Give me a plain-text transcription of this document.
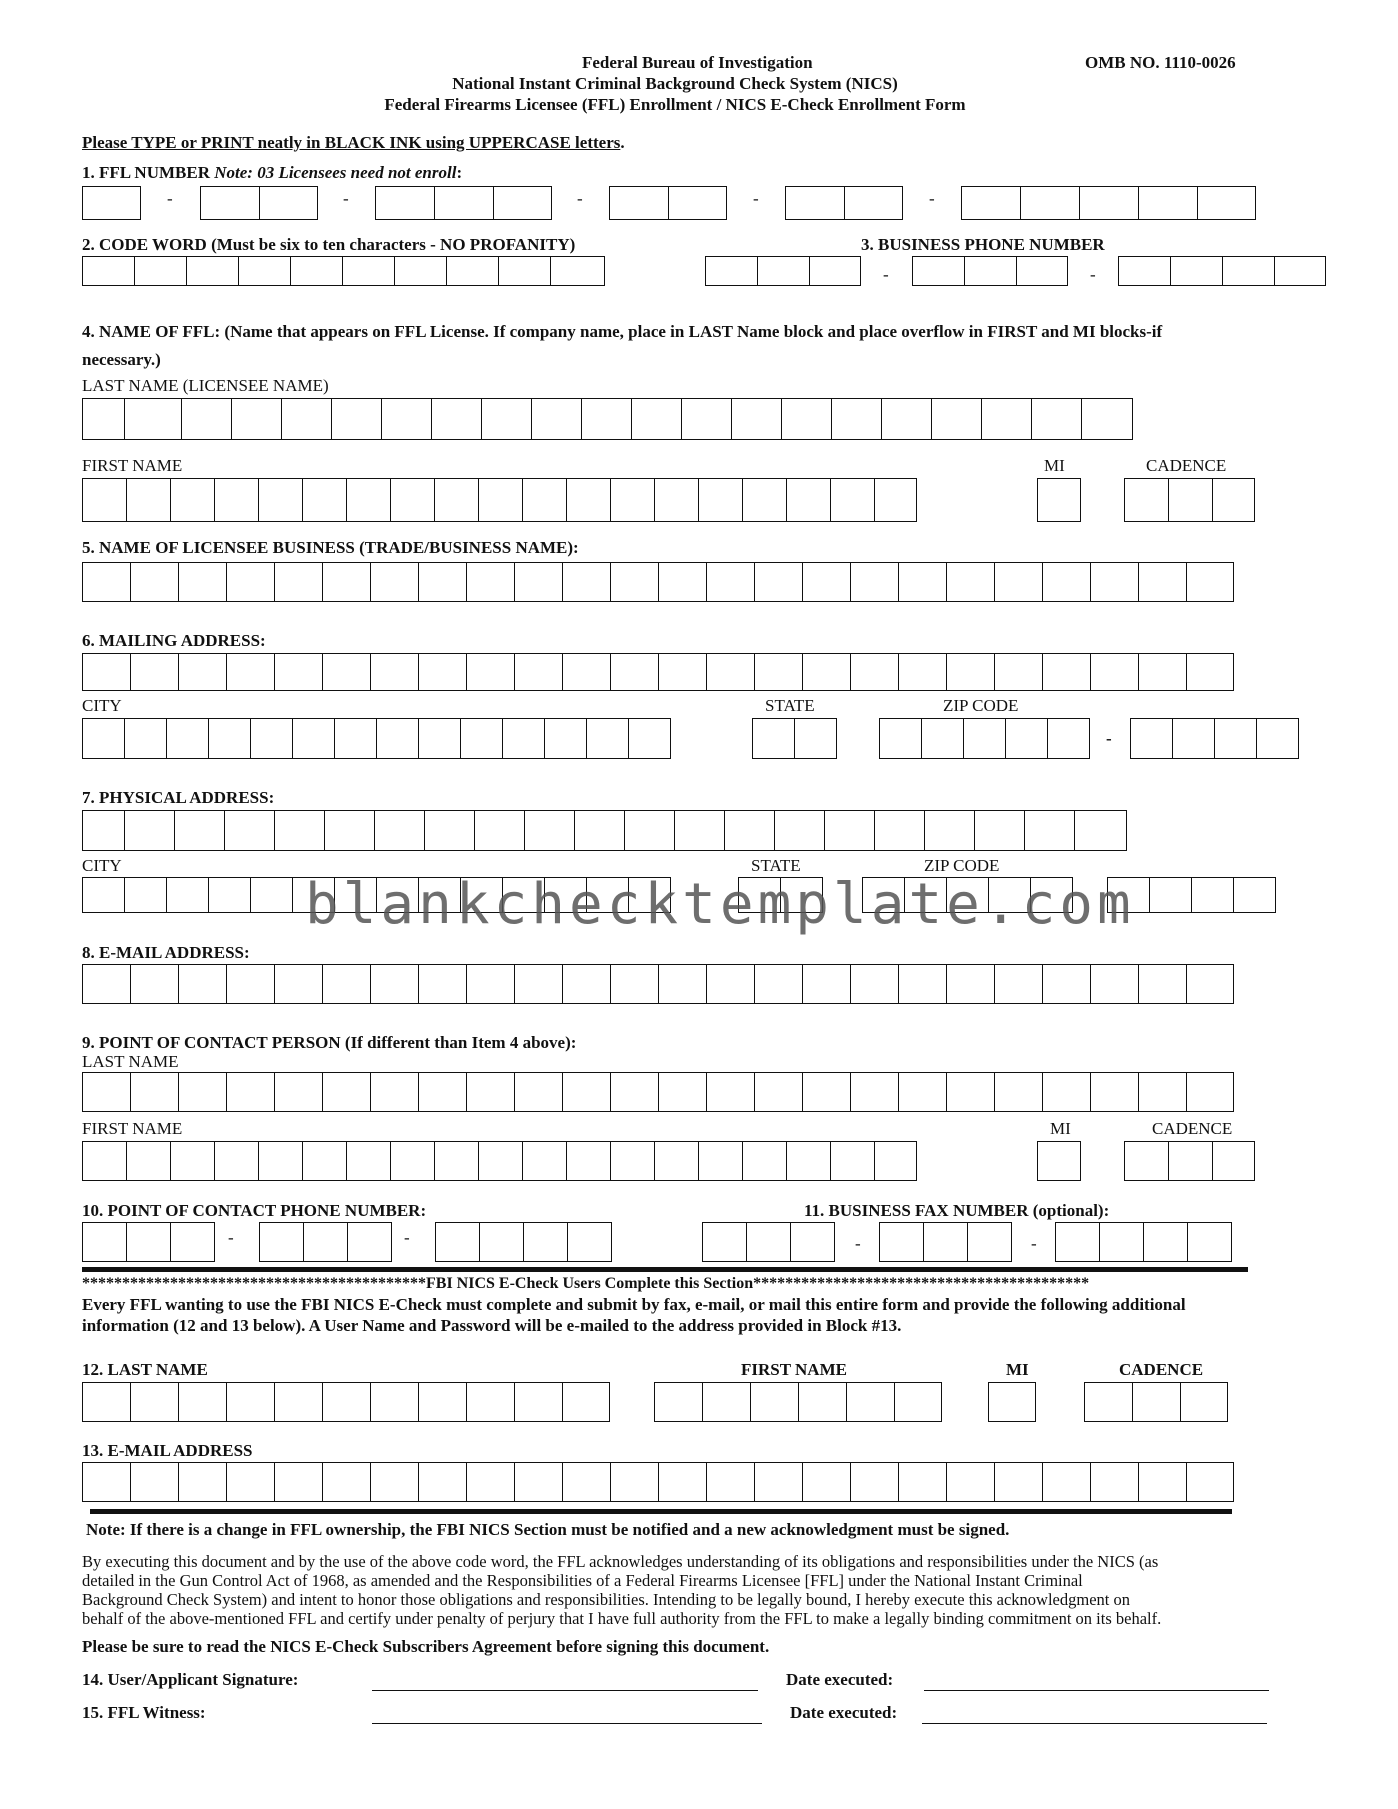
Federal Bureau of Investigation	OMB NO. 1110-0026
National Instant Criminal Background Check System (NICS)
Federal Firearms Licensee (FFL) Enrollment / NICS E-Check Enrollment Form
Please TYPE or PRINT neatly in BLACK INK using UPPERCASE letters.
1. FFL NUMBER Note: 03 Licensees need not enroll:
-	-	-	-	-
2. CODE WORD (Must be six to ten characters - NO PROFANITY)	3. BUSINESS PHONE NUMBER
-	-
4. NAME OF FFL: (Name that appears on FFL License. If company name, place in LAST Name block and place overflow in FIRST and MI blocks-if
necessary.)
LAST NAME (LICENSEE NAME)
FIRST NAME	MI	CADENCE
5. NAME OF LICENSEE BUSINESS (TRADE/BUSINESS NAME):
6. MAILING ADDRESS:
CITY	STATE	ZIP CODE
-
7. PHYSICAL ADDRESS:
CITY	STATE	ZIP CODE
blankchecktemplate.com
8. E-MAIL ADDRESS:
9. POINT OF CONTACT PERSON (If different than Item 4 above):
LAST NAME
FIRST NAME	MI	CADENCE
10. POINT OF CONTACT PHONE NUMBER:	11. BUSINESS FAX NUMBER (optional):
-	-	-	-
*******************************************FBI NICS E-Check Users Complete this Section******************************************
Every FFL wanting to use the FBI NICS E-Check must complete and submit by fax, e-mail, or mail this entire form and provide the following additional
information (12 and 13 below). A User Name and Password will be e-mailed to the address provided in Block #13.
12. LAST NAME	FIRST NAME	MI	CADENCE
13. E-MAIL ADDRESS
Note: If there is a change in FFL ownership, the FBI NICS Section must be notified and a new acknowledgment must be signed.
By executing this document and by the use of the above code word, the FFL acknowledges understanding of its obligations and responsibilities under the NICS (as
detailed in the Gun Control Act of 1968, as amended and the Responsibilities of a Federal Firearms Licensee [FFL] under the National Instant Criminal
Background Check System) and intent to honor those obligations and responsibilities. Intending to be legally bound, I hereby execute this acknowledgment on
behalf of the above-mentioned FFL and certify under penalty of perjury that I have full authority from the FFL to make a legally binding commitment on its behalf.
Please be sure to read the NICS E-Check Subscribers Agreement before signing this document.
14. User/Applicant Signature:	Date executed:
15. FFL Witness:	Date executed:
